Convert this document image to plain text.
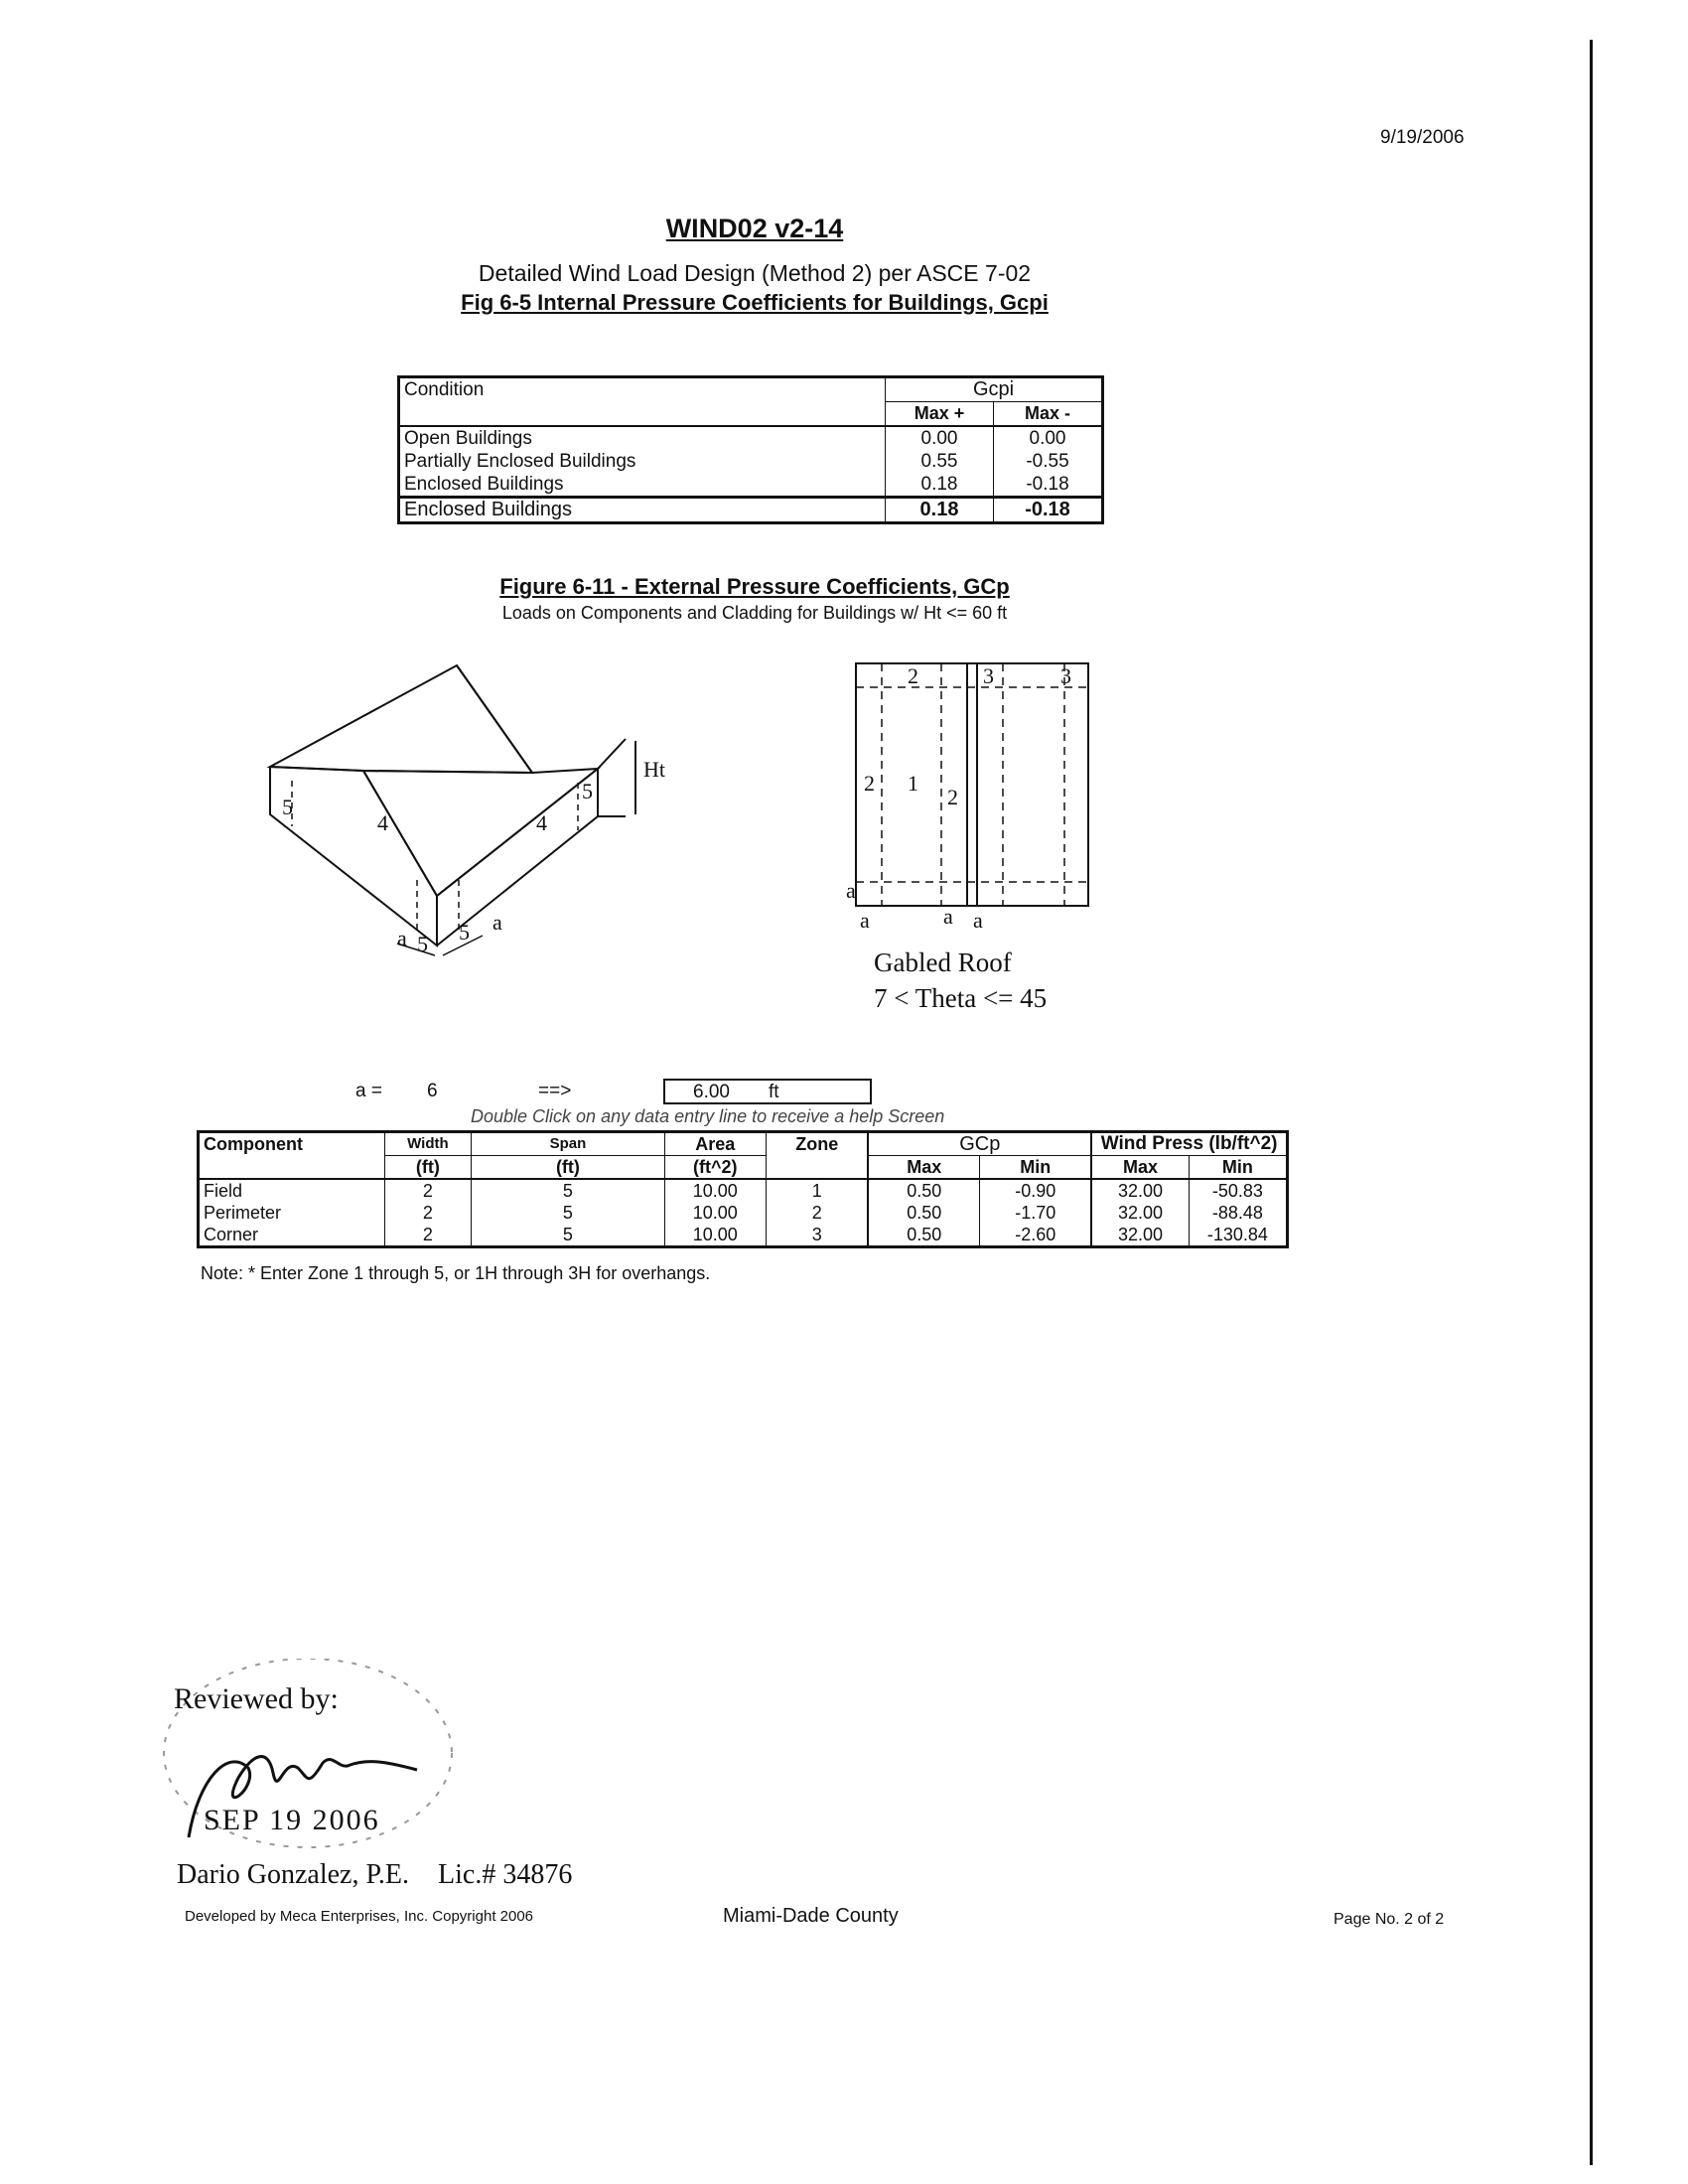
9/19/2006
WIND02 v2-14
Detailed Wind Load Design (Method 2) per ASCE 7-02
Fig 6-5 Internal Pressure Coefficients for Buildings, Gcpi
Condition	Gcpi	
	Max +	Max -
Open Buildings	0.00	0.00
Partially Enclosed Buildings	0.55	-0.55
Enclosed Buildings	0.18	-0.18
Enclosed Buildings	0.18	-0.18
Figure 6-11 - External Pressure Coefficients, GCp
Loads on Components and Cladding for Buildings w/ Ht <= 60 ft
5
5 5
5
4	4
Ht
a
a
2	3	3
2 1
2
a
a	a a
Gabled Roof
7 < Theta <= 45
a = 6	==>	6.00 ft
Double Click on any data entry line to receive a help Screen
Component	Width	Span	Area	Zone	GCp		Wind Press (lb/ft^2)	
	(ft)	(ft)	(ft^2)		Max	Min	Max	Min
Field	2	5	10.00	1	0.50	-0.90	32.00	-50.83
Perimeter	2	5	10.00	2	0.50	-1.70	32.00	-88.48
Corner	2	5	10.00	3	0.50	-2.60	32.00	-130.84
Note: * Enter Zone 1 through 5, or 1H through 3H for overhangs.
Reviewed by:
SEP 19 2006
Dario Gonzalez, P.E. Lic.# 34876
Developed by Meca Enterprises, Inc. Copyright 2006	Miami-Dade County	Page No. 2 of 2
